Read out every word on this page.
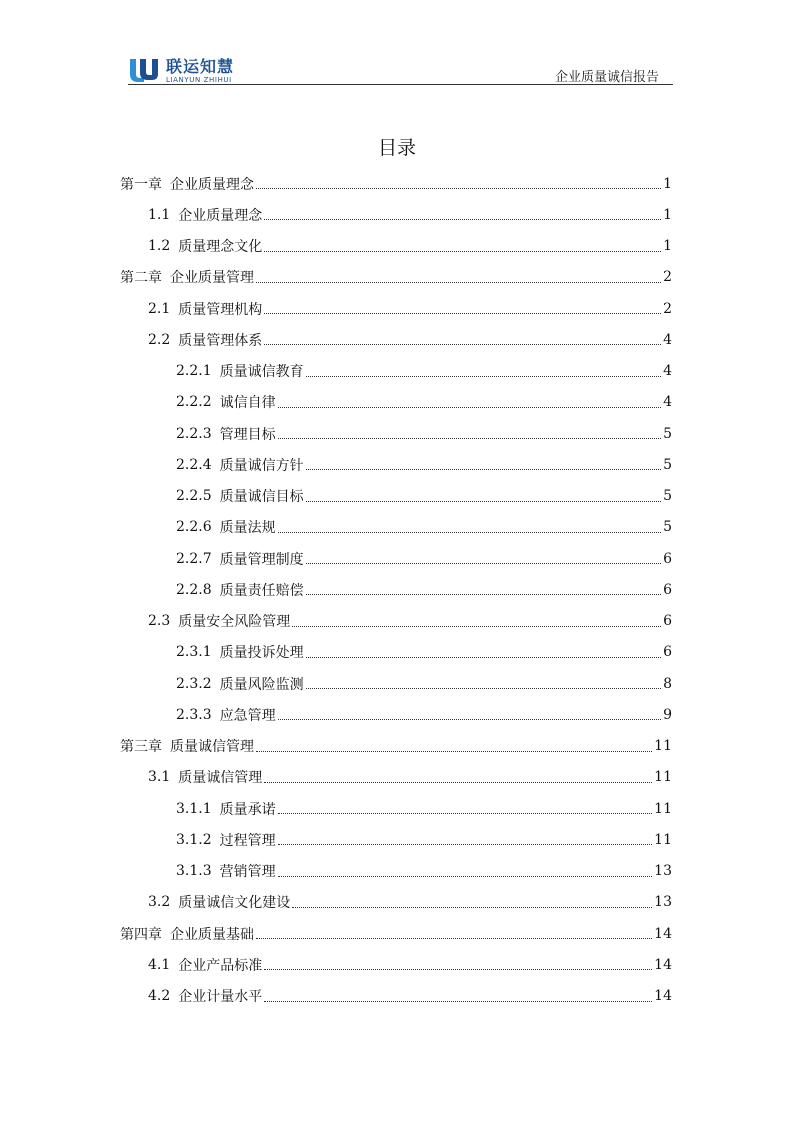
联运知慧
LIANYUN ZHIHUI	企业质量诚信报告
目录
第一章 企业质量理念	1
1.1 企业质量理念	1
1.2 质量理念文化	1
第二章 企业质量管理	2
2.1 质量管理机构	2
2.2 质量管理体系	4
2.2.1 质量诚信教育	4
2.2.2 诚信自律	4
2.2.3 管理目标	5
2.2.4 质量诚信方针	5
2.2.5 质量诚信目标	5
2.2.6 质量法规	5
2.2.7 质量管理制度	6
2.2.8 质量责任赔偿	6
2.3 质量安全风险管理	6
2.3.1 质量投诉处理	6
2.3.2 质量风险监测	8
2.3.3 应急管理	9
第三章 质量诚信管理	11
3.1 质量诚信管理	11
3.1.1 质量承诺	11
3.1.2 过程管理	11
3.1.3 营销管理	13
3.2 质量诚信文化建设	13
第四章 企业质量基础	14
4.1 企业产品标准	14
4.2 企业计量水平	14
